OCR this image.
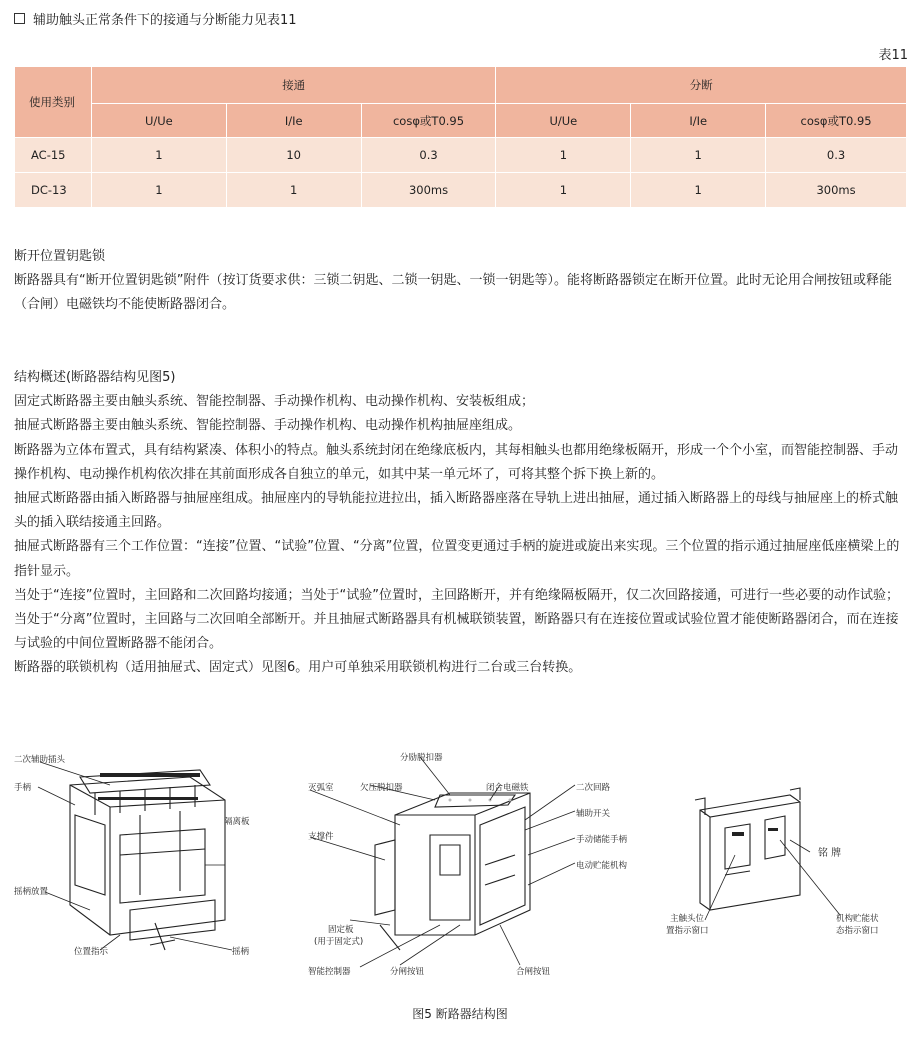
辅助触头正常条件下的接通与分断能力见表11
表11
使用类别	接通			分断		
	U/Ue	I/Ie	cosφ或T0.95	U/Ue	I/Ie	cosφ或T0.95
AC-15	1	10	0.3	1	1	0.3
DC-13	1	1	300ms	1	1	300ms

断开位置钥匙锁

断路器具有“断开位置钥匙锁”附件（按订货要求供：三锁二钥匙、二锁一钥匙、一锁一钥匙等）。能将断路器锁定在断开位置。此时无论用合闸按钮或释能（合闸）电磁铁均不能使断路器闭合。

结构概述(断路器结构见图5)

固定式断路器主要由触头系统、智能控制器、手动操作机构、电动操作机构、安装板组成；

抽屉式断路器主要由触头系统、智能控制器、手动操作机构、电动操作机构抽屉座组成。

断路器为立体布置式，具有结构紧凑、体积小的特点。触头系统封闭在绝缘底板内，其每相触头也都用绝缘板隔开，形成一个个小室，而智能控制器、手动操作机构、电动操作机构依次排在其前面形成各自独立的单元，如其中某一单元坏了，可将其整个拆下换上新的。

抽屉式断路器由插入断路器与抽屉座组成。抽屉座内的导轨能拉进拉出，插入断路器座落在导轨上进出抽屉，通过插入断路器上的母线与抽屉座上的桥式触头的插入联结接通主回路。

抽屉式断路器有三个工作位置：“连接”位置、“试验”位置、“分离”位置，位置变更通过手柄的旋进或旋出来实现。三个位置的指示通过抽屉座低座横梁上的指针显示。

当处于“连接”位置时，主回路和二次回路均接通；当处于“试验”位置时，主回路断开，并有绝缘隔板隔开，仅二次回路接通，可进行一些必要的动作试验；当处于“分离”位置时，主回路与二次回咱全部断开。并且抽屉式断路器具有机械联锁装置，断路器只有在连接位置或试验位置才能使断路器闭合，而在连接与试验的中间位置断路器不能闭合。

断路器的联锁机构（适用抽屉式、固定式）见图6。用户可单独采用联锁机构进行二台或三台转换。

二次辅助插头
手柄
隔离板
摇柄放置
位置指示	摇柄
分励脱扣器
灭弧室	欠压脱扣器	闭合电磁铁	二次回路
支撑件
辅助开关
手动储能手柄
电动贮能机构
固定板
(用于固定式)
智能控制器	分闸按钮	合闸按钮
铭 牌
主触头位
置指示窗口
机构贮能状
态指示窗口
图5 断路器结构图
